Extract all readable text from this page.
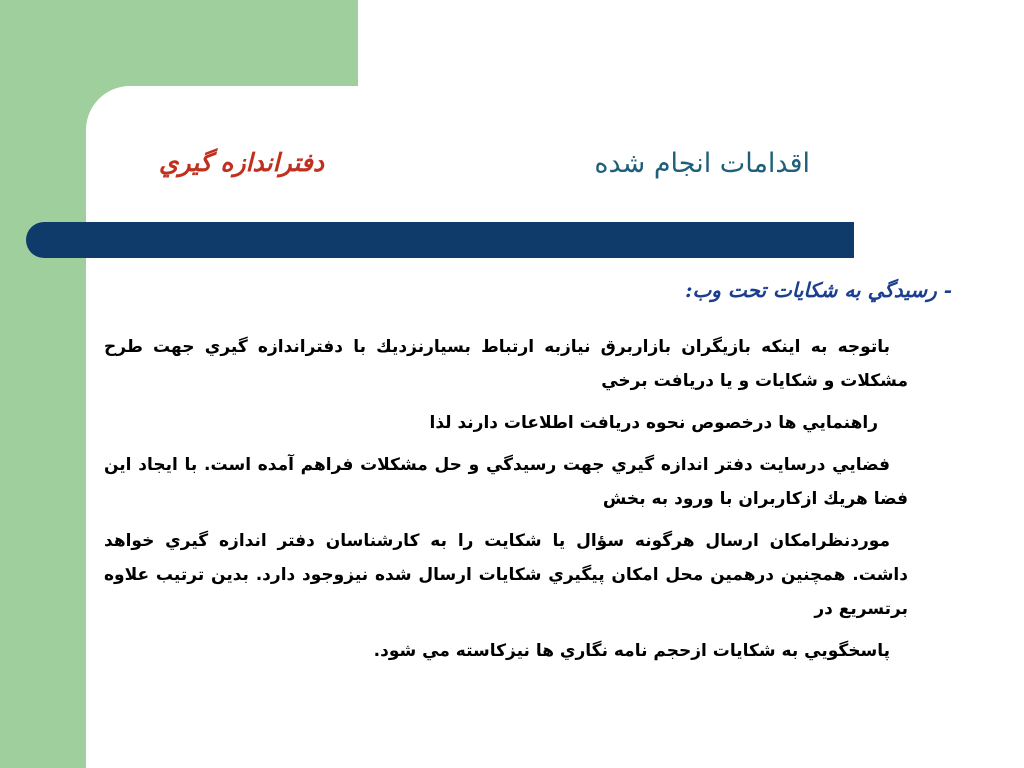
اقدامات انجام شده
دفتراندازه گيري
- رسيدگي به شكايات تحت وب:

باتوجه به اينكه بازيگران بازاربرق نيازبه ارتباط بسيارنزديك با دفتراندازه گيري جهت طرح مشكلات و شكايات و يا دريافت برخي

راهنمايي ها درخصوص نحوه دريافت اطلاعات دارند لذا

فضايي درسايت دفتر اندازه گيري جهت رسيدگي و حل مشكلات فراهم آمده است. با ايجاد اين فضا هريك ازكاربران با ورود به بخش

موردنظرامكان ارسال هرگونه سؤال يا شكايت را به كارشناسان دفتر اندازه گيري خواهد داشت. همچنين درهمين محل امكان پيگيري شكايات ارسال شده نيزوجود دارد. بدين ترتيب علاوه برتسريع در

پاسخگويي به شكايات ازحجم نامه نگاري ها نيزكاسته مي شود.
